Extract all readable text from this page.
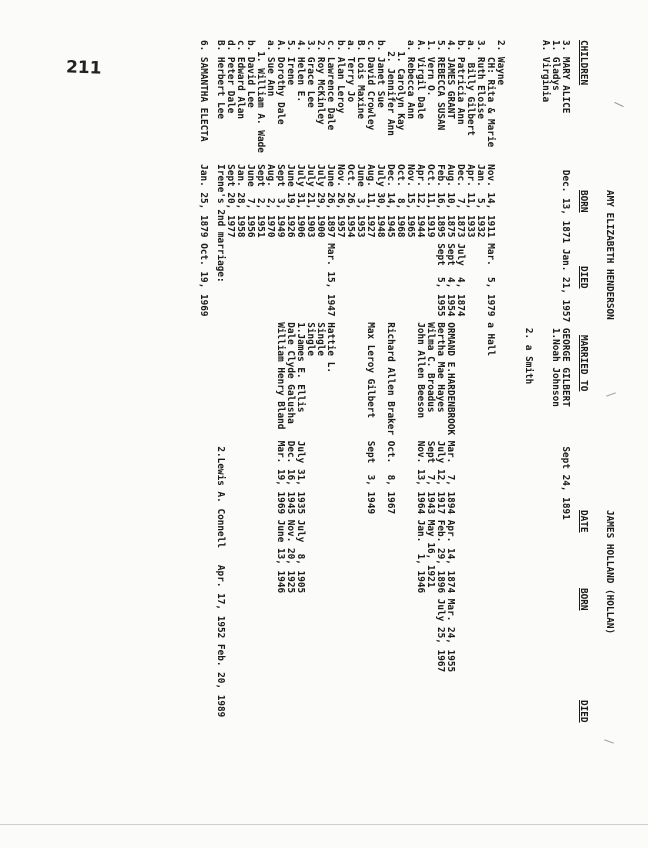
211
AMY ELIZABETH HENDERSON
JAMES HOLLAND (HOLLAN)
CHILDREN
BORN
DIED
MARRIED TO
DATE
BORN
DIED
3. MARY ALICE          Dec. 13, 1871 Jan. 21, 1957 GEORGE GILBERT       Sept 24, 1891
1. Gladys                                          1.Noah Johnson
A. Virginia
2. a Smith
2. Wayne
CH: Rita & Marie   Nov. 14, 1911 Mar.  5, 1979 a Hall
3. Ruth Eloise        Jan.  5, 1932
a.  Billy Gilbert     Apr. 11, 1933
b. Patricia Ann       Dec.  7, 1873 July  4, 1874
4. JAMES GRANT        Aug. 10, 1875 Sept  4, 1954 ORMAND E.HARDENBROOK Mar.  7, 1894 Apr. 14, 1874 Mar. 24, 1955
5. REBECCA SUSAN      Feb. 16, 1895 Sept  5, 1955 Bertha Mae Hayes     July 12, 1917 Feb. 29, 1896 July 25, 1967
1. Vern O.            Oct. 11, 1919               Wilma C. Broadus     Sept  7, 1943 May 16, 1921
A. Virgil Dale        Apr. 12, 1944               John Allen Beeson    Nov. 13, 1964 Jan.  1, 1946
a. Rebecca Ann        Nov. 15, 1965
1. Carolyn Kay      Oct.  8, 1968
2. Jennifer Ann     Dec. 14, 1945               Richard Allen Braker Oct.  8, 1967
b. Janet Sue          July 30, 1948
c. David Crowley      Aug. 11, 1927               Max Leroy Gilbert    Sept  3, 1949
B. Lois Maxine        June  3, 1953
a. Terry Jo           Oct. 26, 1954
b. Alan Leroy         Nov. 26, 1957
c. Lawrence Dale      June 26, 1897 Mar. 15, 1947 Hattie L.
2. Roy McKinley       July 29, 1900               Single
3. Grace Lee          July 21, 1903               Single
4. Helen E.           July 31, 1906               1.James E. Ellis     July 31, 1935 July  8, 1905
5. Irene              June 19, 1926               Dale Clyde Galusha   Dec. 16, 1945 Nov. 20, 1925
A. Dorothy Dale       Sept  3, 1949               William Henry Bland  Mar. 19, 1969 June 13, 1946
a. Sue Ann            Aug.  2, 1970
1. William A. Wade  Sept  2, 1951
b. David Lee          June  7, 1956
c. Edward Alan        Jan. 28, 1958
d. Peter Dale         Sept 20, 1977
B. Herbert Lee        Irene's 2nd marriage:                             2.Lewis A. Connell   Apr. 17, 1952 Feb. 20, 1989
6. SAMANTHA ELECTA    Jan. 25, 1879 Oct. 19, 1969
